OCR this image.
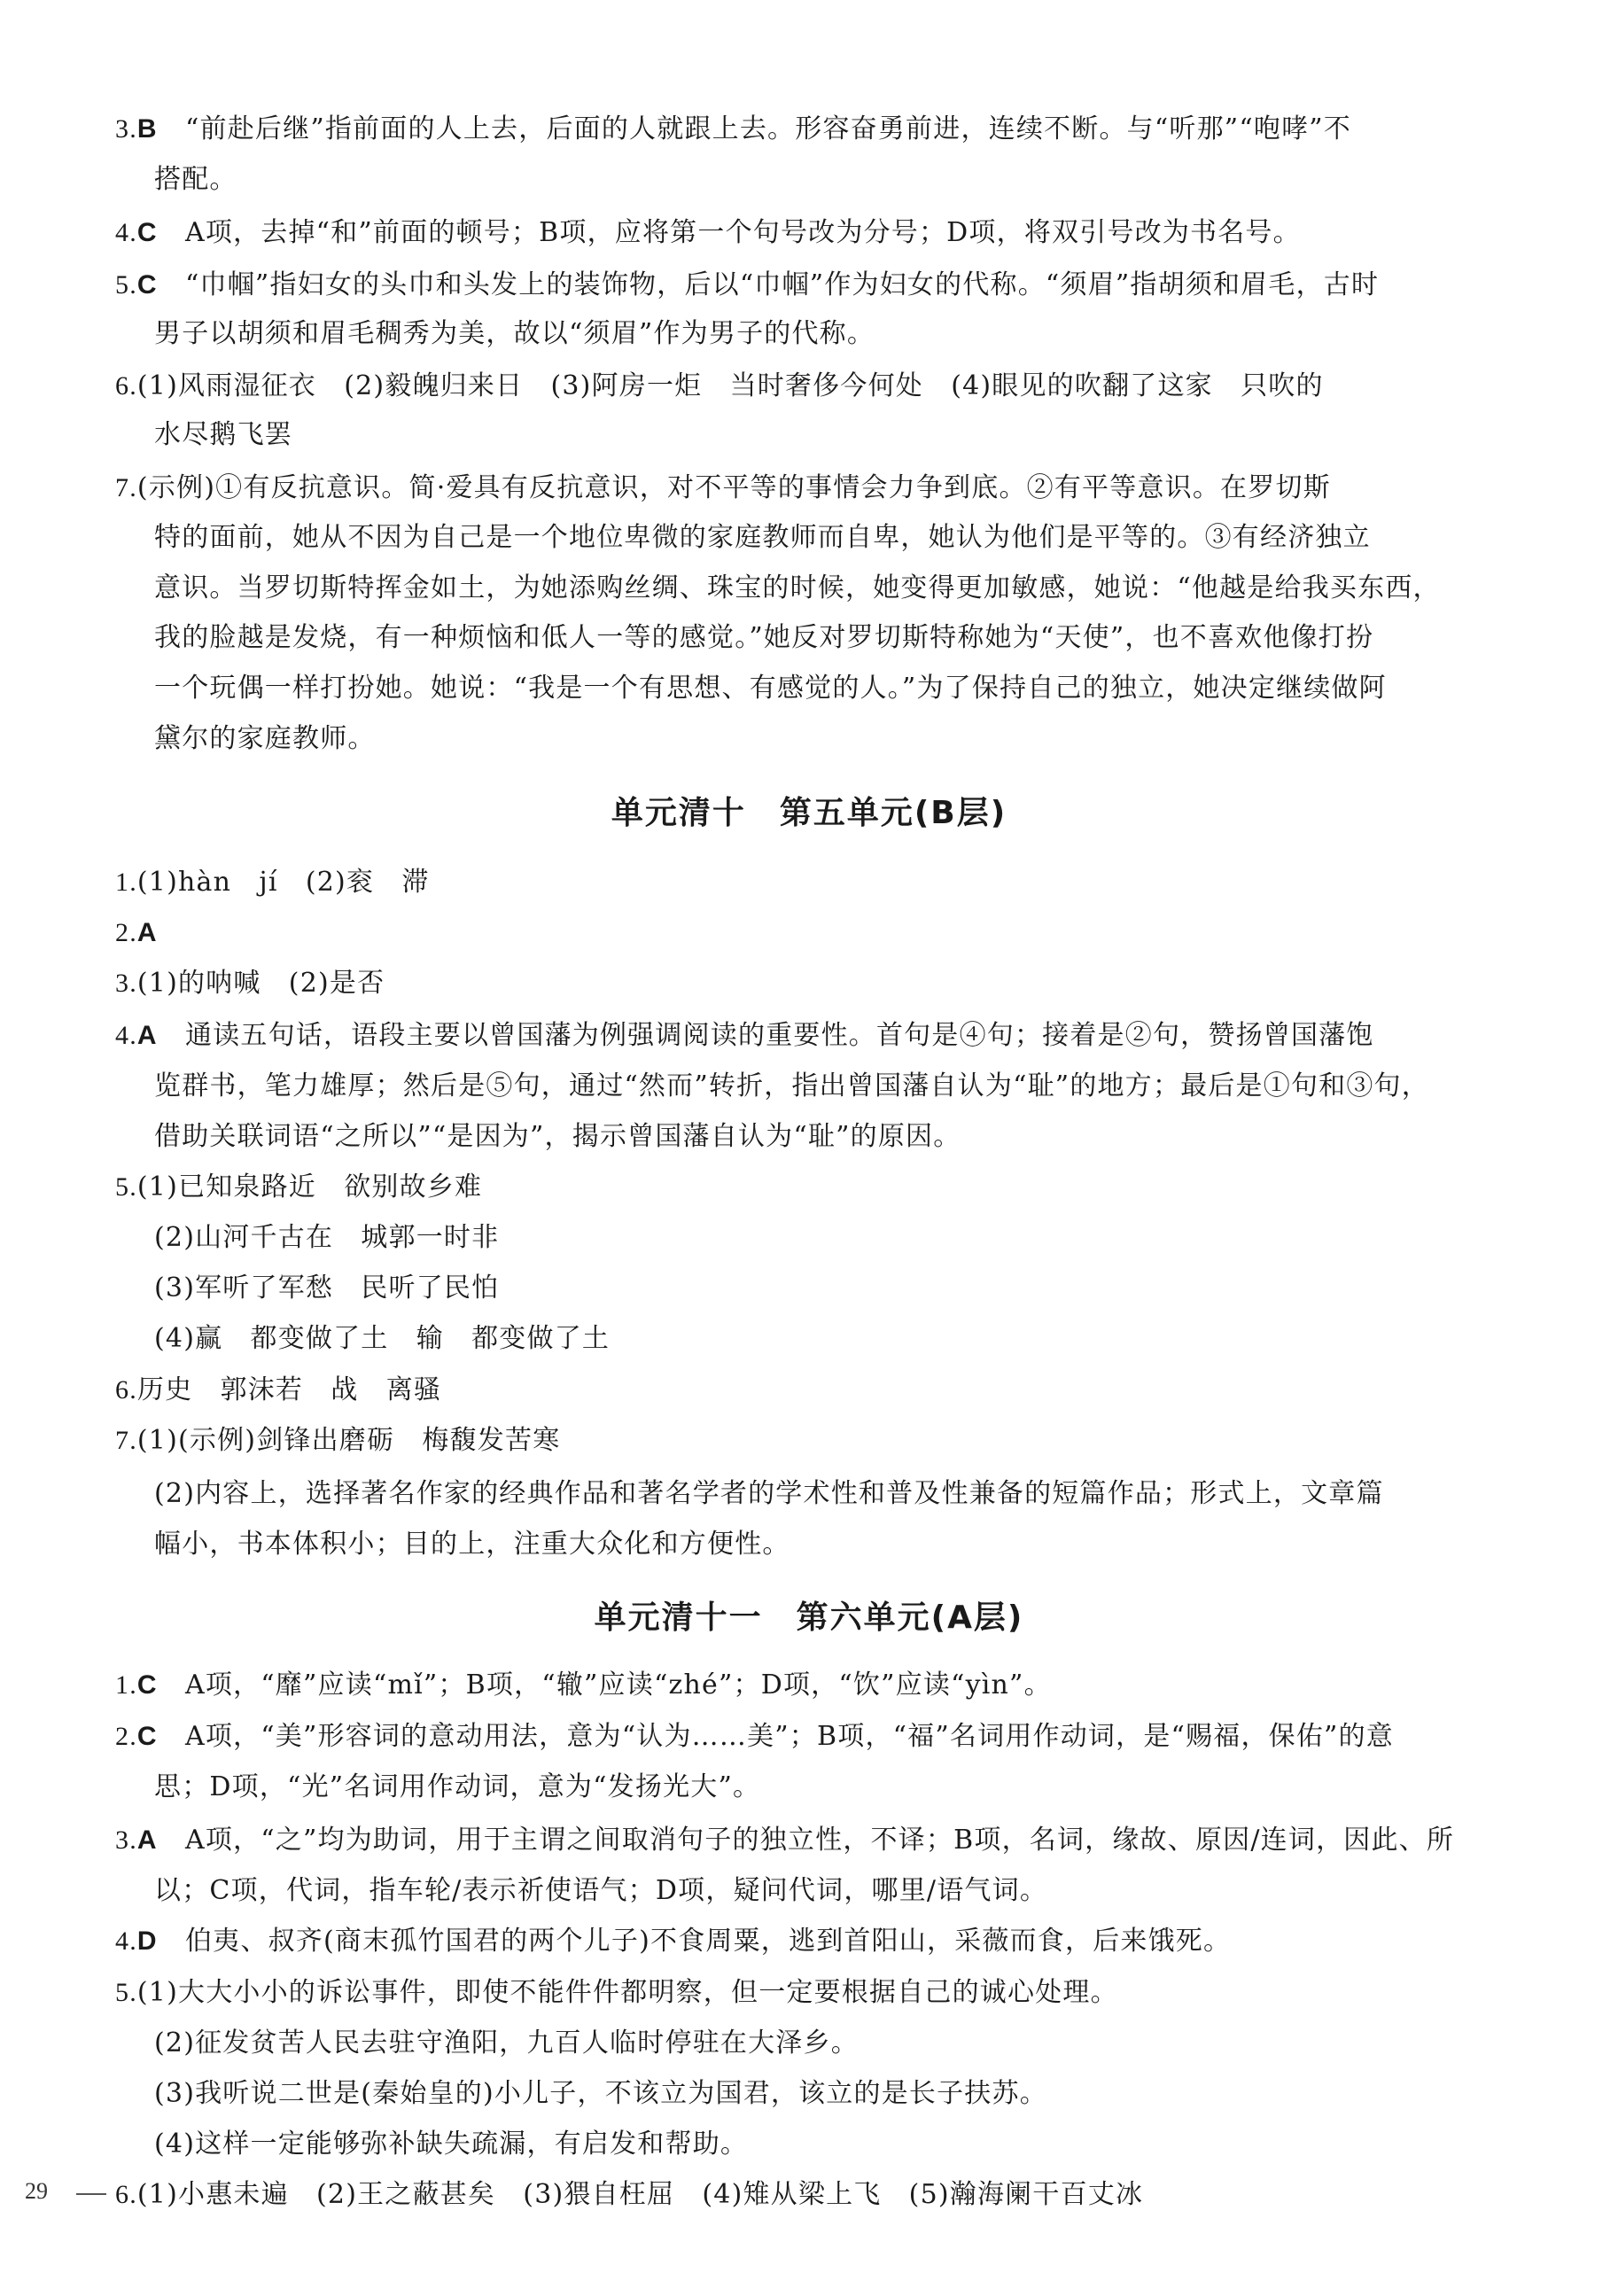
3.B　“前赴后继”指前面的人上去，后面的人就跟上去。形容奋勇前进，连续不断。与“听那”“咆哮”不
搭配。
4.C　A项，去掉“和”前面的顿号；B项，应将第一个句号改为分号；D项，将双引号改为书名号。
5.C　“巾帼”指妇女的头巾和头发上的装饰物，后以“巾帼”作为妇女的代称。“须眉”指胡须和眉毛，古时
男子以胡须和眉毛稠秀为美，故以“须眉”作为男子的代称。
6.(1)风雨湿征衣　(2)毅魄归来日　(3)阿房一炬　当时奢侈今何处　(4)眼见的吹翻了这家　只吹的
水尽鹅飞罢
7.(示例)①有反抗意识。简·爱具有反抗意识，对不平等的事情会力争到底。②有平等意识。在罗切斯
特的面前，她从不因为自己是一个地位卑微的家庭教师而自卑，她认为他们是平等的。③有经济独立
意识。当罗切斯特挥金如土，为她添购丝绸、珠宝的时候，她变得更加敏感，她说：“他越是给我买东西，
我的脸越是发烧，有一种烦恼和低人一等的感觉。”她反对罗切斯特称她为“天使”，也不喜欢他像打扮
一个玩偶一样打扮她。她说：“我是一个有思想、有感觉的人。”为了保持自己的独立，她决定继续做阿
黛尔的家庭教师。
单元清十　第五单元(B层)
1.(1)hàn　jí　(2)衮　滞
2.A
3.(1)的呐喊　(2)是否
4.A　通读五句话，语段主要以曾国藩为例强调阅读的重要性。首句是④句；接着是②句，赞扬曾国藩饱
览群书，笔力雄厚；然后是⑤句，通过“然而”转折，指出曾国藩自认为“耻”的地方；最后是①句和③句，
借助关联词语“之所以”“是因为”，揭示曾国藩自认为“耻”的原因。
5.(1)已知泉路近　欲别故乡难
(2)山河千古在　城郭一时非
(3)军听了军愁　民听了民怕
(4)赢　都变做了土　输　都变做了土
6.历史　郭沫若　战　离骚
7.(1)(示例)剑锋出磨砺　梅馥发苦寒
(2)内容上，选择著名作家的经典作品和著名学者的学术性和普及性兼备的短篇作品；形式上，文章篇
幅小，书本体积小；目的上，注重大众化和方便性。
单元清十一　第六单元(A层)
1.C　A项，“靡”应读“mǐ”；B项，“辙”应读“zhé”；D项，“饮”应读“yìn”。
2.C　A项，“美”形容词的意动用法，意为“认为……美”；B项，“福”名词用作动词，是“赐福，保佑”的意
思；D项，“光”名词用作动词，意为“发扬光大”。
3.A　A项，“之”均为助词，用于主谓之间取消句子的独立性，不译；B项，名词，缘故、原因/连词，因此、所
以；C项，代词，指车轮/表示祈使语气；D项，疑问代词，哪里/语气词。
4.D　伯夷、叔齐(商末孤竹国君的两个儿子)不食周粟，逃到首阳山，采薇而食，后来饿死。
5.(1)大大小小的诉讼事件，即使不能件件都明察，但一定要根据自己的诚心处理。
(2)征发贫苦人民去驻守渔阳，九百人临时停驻在大泽乡。
(3)我听说二世是(秦始皇的)小儿子，不该立为国君，该立的是长子扶苏。
(4)这样一定能够弥补缺失疏漏，有启发和帮助。
6.(1)小惠未遍　(2)王之蔽甚矣　(3)猥自枉屈　(4)雉从梁上飞　(5)瀚海阑干百丈冰
29
